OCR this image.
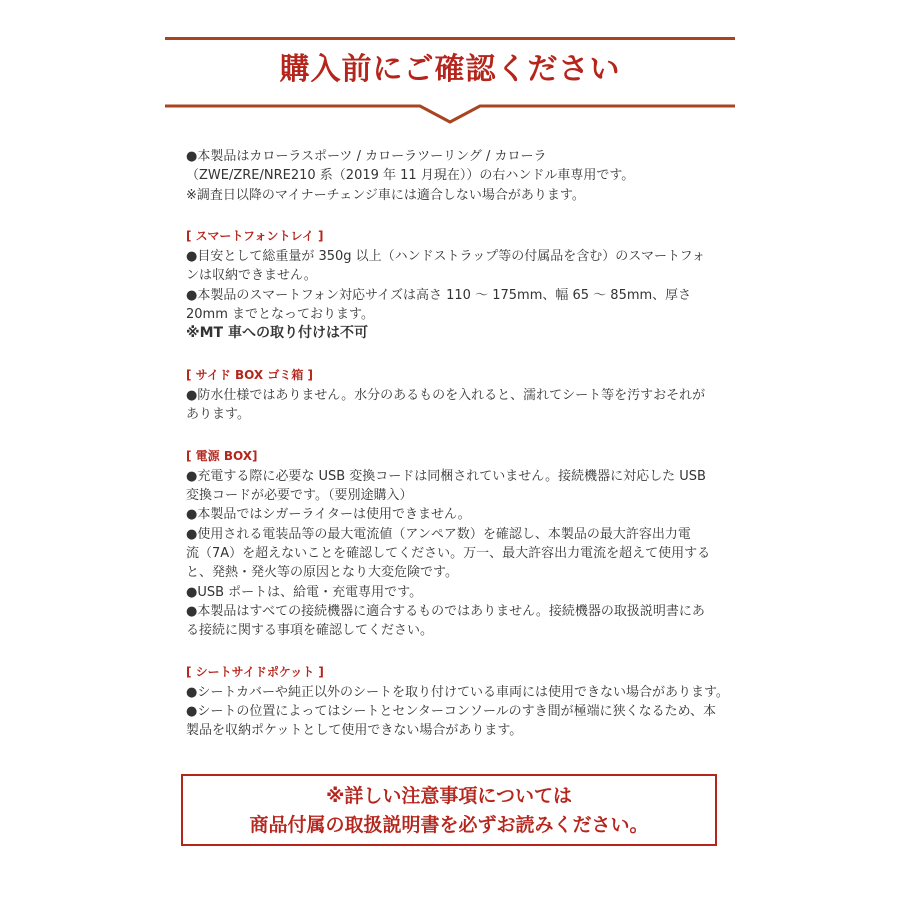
購入前にご確認ください
●本製品はカローラスポーツ / カローラツーリング / カローラ
（ZWE/ZRE/NRE210 系（2019 年 11 月現在））の右ハンドル車専用です。
※調査日以降のマイナーチェンジ車には適合しない場合があります。
[ スマートフォントレイ ]
●目安として総重量が 350g 以上（ハンドストラップ等の付属品を含む）のスマートフォ
ンは収納できません。
●本製品のスマートフォン対応サイズは高さ 110 ～ 175mm、幅 65 ～ 85mm、厚さ
20mm までとなっております。
※MT 車への取り付けは不可
[ サイド BOX ゴミ箱 ]
●防水仕様ではありません。水分のあるものを入れると、濡れてシート等を汚すおそれが
あります。
[ 電源 BOX]
●充電する際に必要な USB 変換コードは同梱されていません。接続機器に対応した USB
変換コードが必要です。（要別途購入）
●本製品ではシガーライターは使用できません。
●使用される電装品等の最大電流値（アンペア数）を確認し、本製品の最大許容出力電
流（7A）を超えないことを確認してください。万一、最大許容出力電流を超えて使用する
と、発熱・発火等の原因となり大変危険です。
●USB ポートは、給電・充電専用です。
●本製品はすべての接続機器に適合するものではありません。接続機器の取扱説明書にあ
る接続に関する事項を確認してください。
[ シートサイドポケット ]
●シートカバーや純正以外のシートを取り付けている車両には使用できない場合があります。
●シートの位置によってはシートとセンターコンソールのすき間が極端に狭くなるため、本
製品を収納ポケットとして使用できない場合があります。
※詳しい注意事項については
商品付属の取扱説明書を必ずお読みください。
